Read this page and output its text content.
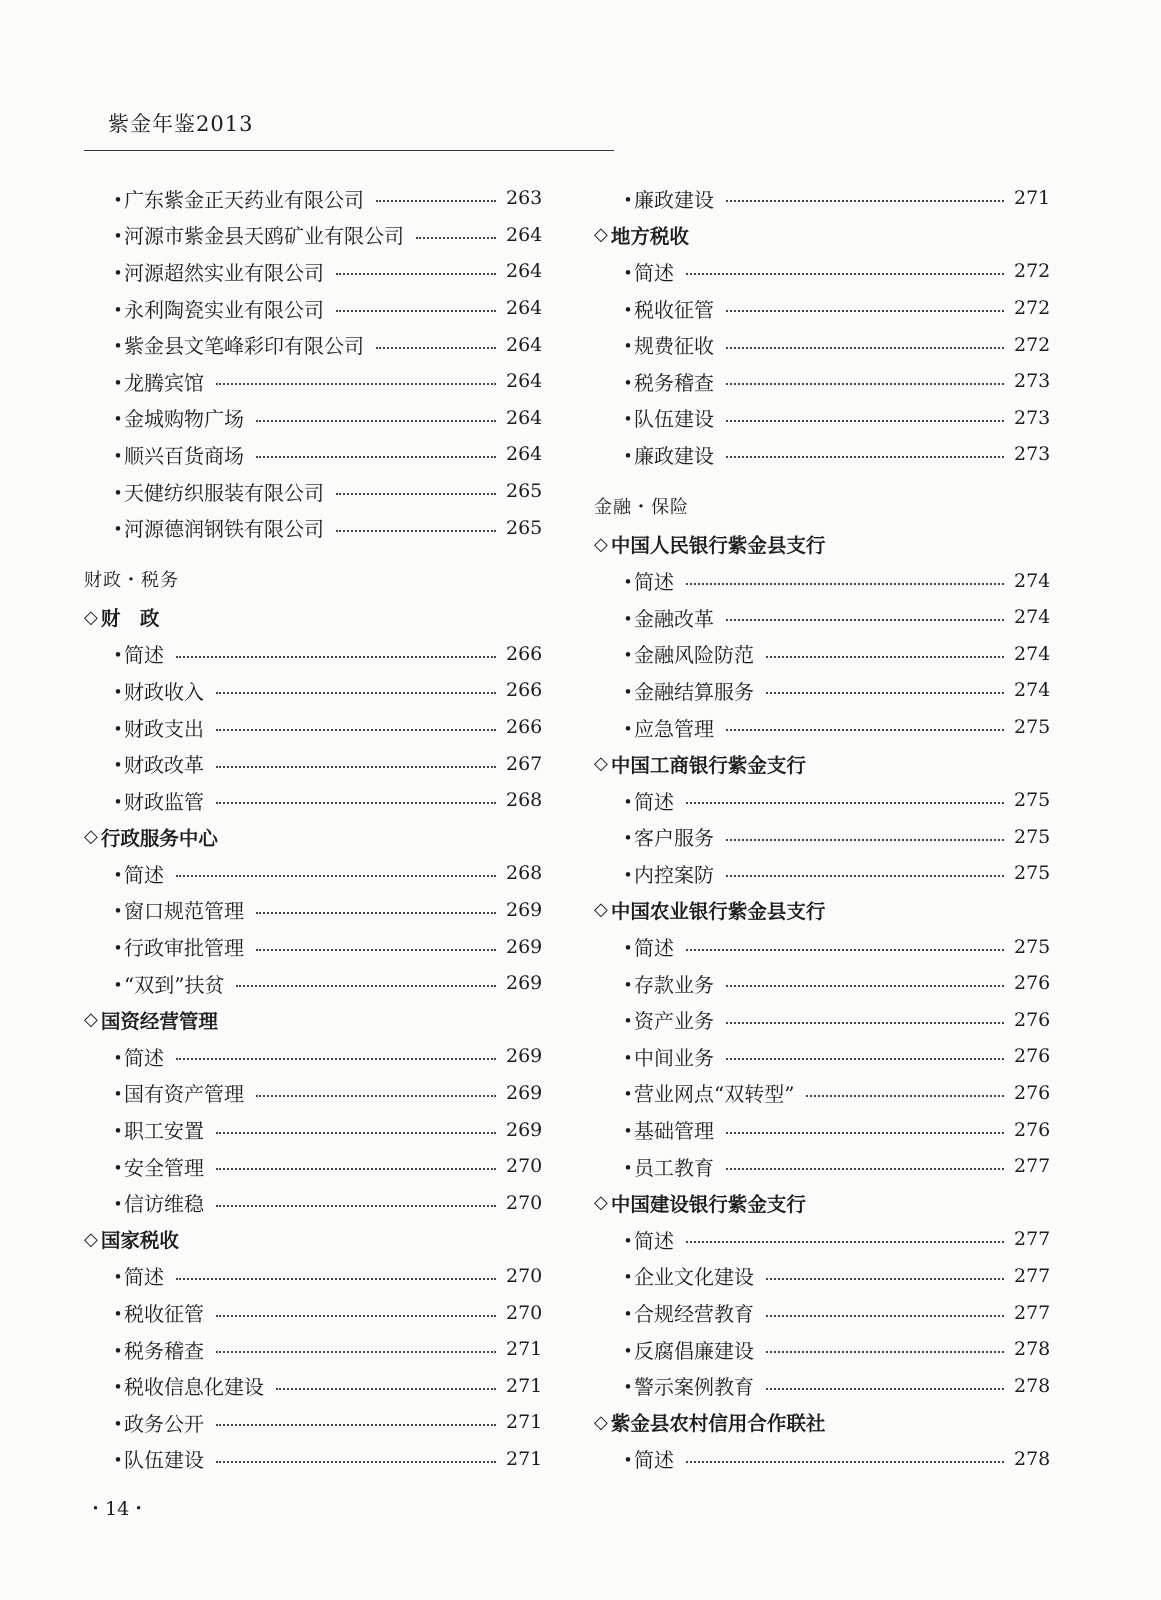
紫金年鉴2013
・
广东紫金正天药业有限公司	263
・
河源市紫金县天鸥矿业有限公司	264
・
河源超然实业有限公司	264
・
永利陶瓷实业有限公司	264
・
紫金县文笔峰彩印有限公司	264
・
龙腾宾馆	264
・
金城购物广场	264
・
顺兴百货商场	264
・
天健纺织服装有限公司	265
・
河源德润钢铁有限公司	265
财政・税务
◇ 财　政
・
简述	266
・
财政收入	266
・
财政支出	266
・
财政改革	267
・
财政监管	268
◇ 行政服务中心
・
简述	268
・
窗口规范管理	269
・
行政审批管理	269
・
“双到”扶贫	269
◇ 国资经营管理
・
简述	269
・
国有资产管理	269
・
职工安置	269
・
安全管理	270
・
信访维稳	270
◇ 国家税收
・
简述	270
・
税收征管	270
・
税务稽查	271
・
税收信息化建设	271
・
政务公开	271
・
队伍建设	271
・
廉政建设	271
◇ 地方税收
・
简述	272
・
税收征管	272
・
规费征收	272
・
税务稽查	273
・
队伍建设	273
・
廉政建设	273
金融・保险
◇ 中国人民银行紫金县支行
・
简述	274
・
金融改革	274
・
金融风险防范	274
・
金融结算服务	274
・
应急管理	275
◇ 中国工商银行紫金支行
・
简述	275
・
客户服务	275
・
内控案防	275
◇ 中国农业银行紫金县支行
・
简述	275
・
存款业务	276
・
资产业务	276
・
中间业务	276
・
营业网点“双转型”	276
・
基础管理	276
・
员工教育	277
◇ 中国建设银行紫金支行
・
简述	277
・
企业文化建设	277
・
合规经营教育	277
・
反腐倡廉建设	278
・
警示案例教育	278
◇ 紫金县农村信用合作联社
・
简述	278
・14・
